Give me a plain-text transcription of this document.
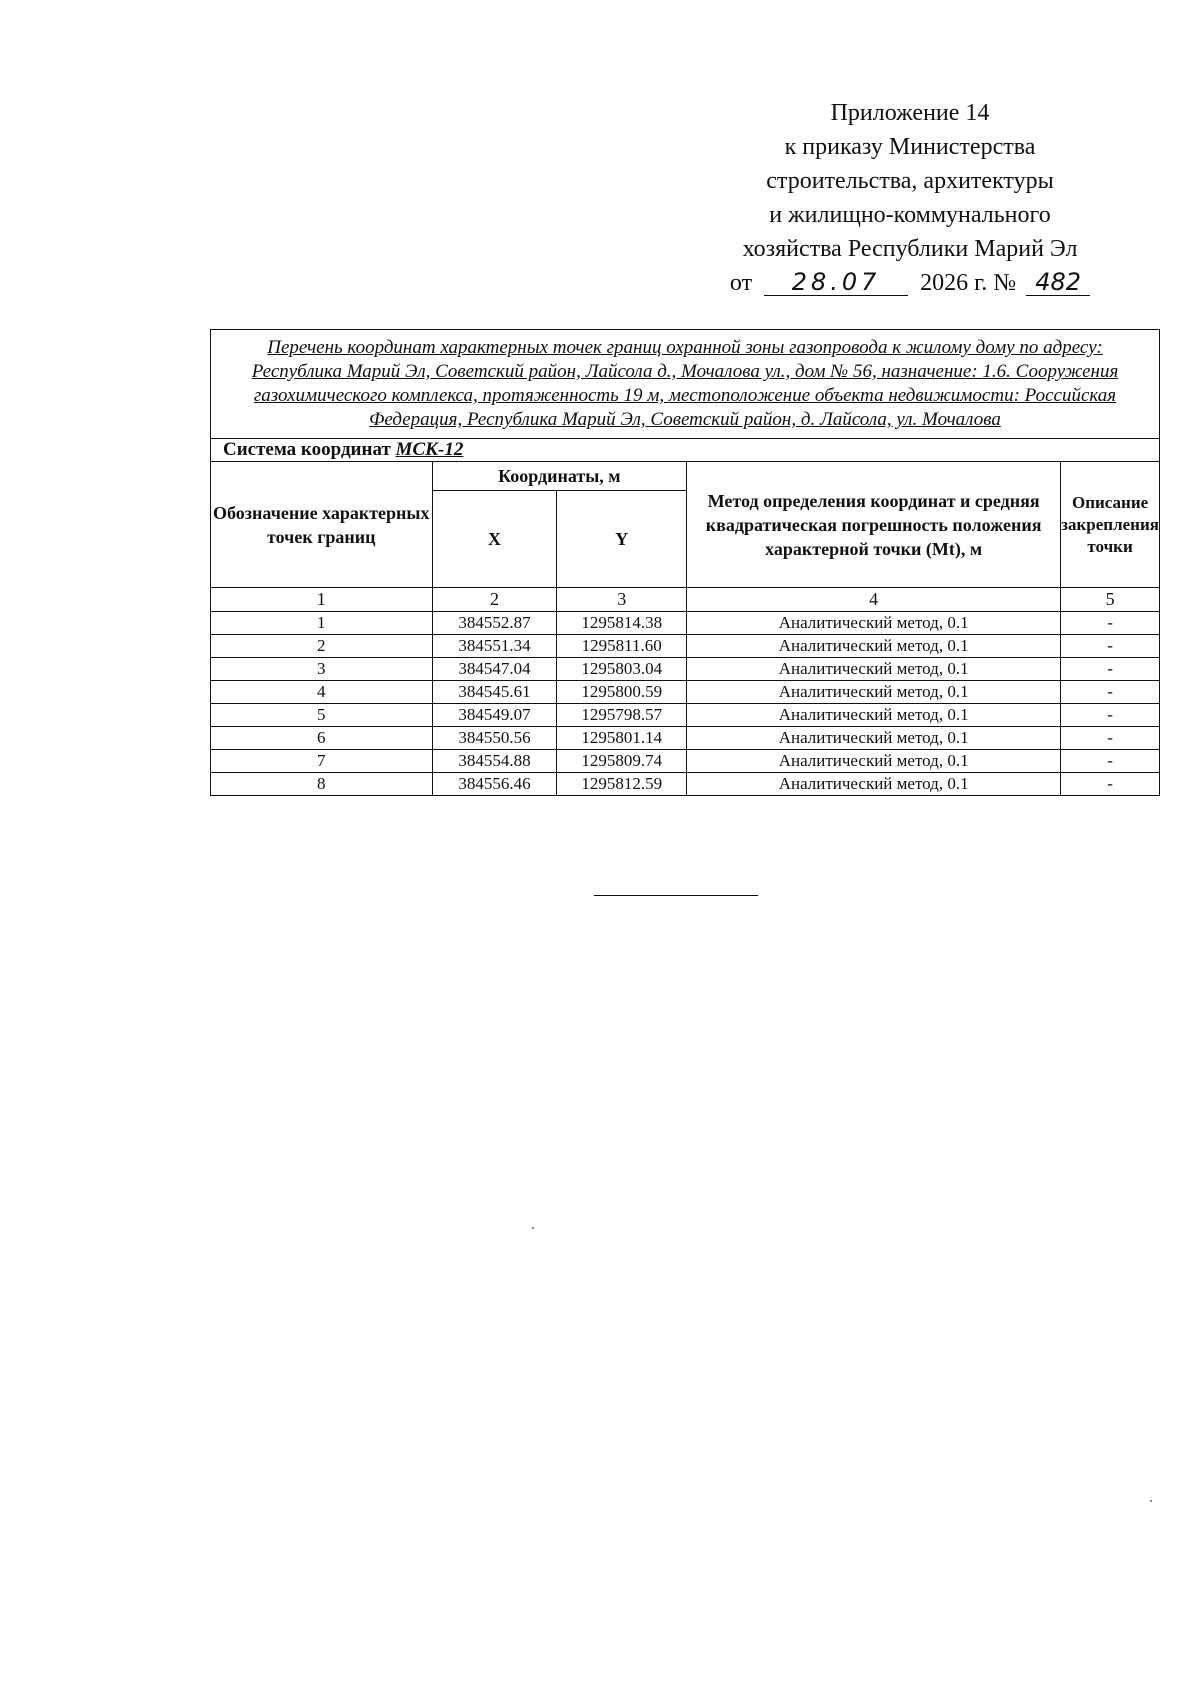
Приложение 14
к приказу Министерства
строительства, архитектуры
и жилищно-коммунального
хозяйства Республики Марий Эл
от 28.07 2026 г. № 482
Перечень координат характерных точек границ охранной зоны газопровода к жилому дому по адресу: Республика Марий Эл, Советский район, Лайсола д., Мочалова ул., дом № 56, назначение: 1.6. Сооружения газохимического комплекса, протяженность 19 м, местоположение объекта недвижимости: Российская Федерация, Республика Марий Эл, Советский район, д. Лайсола, ул. Мочалова				
Система координат МСК-12				
Обозначение характерных точек границ	Координаты, м		Метод определения координат и средняя квадратическая погрешность положения характерной точки (Mt), м	Описание закрепления точки
	X	Y		
1	2	3	4	5
1	384552.87	1295814.38	Аналитический метод, 0.1	-
2	384551.34	1295811.60	Аналитический метод, 0.1	-
3	384547.04	1295803.04	Аналитический метод, 0.1	-
4	384545.61	1295800.59	Аналитический метод, 0.1	-
5	384549.07	1295798.57	Аналитический метод, 0.1	-
6	384550.56	1295801.14	Аналитический метод, 0.1	-
7	384554.88	1295809.74	Аналитический метод, 0.1	-
8	384556.46	1295812.59	Аналитический метод, 0.1	-
